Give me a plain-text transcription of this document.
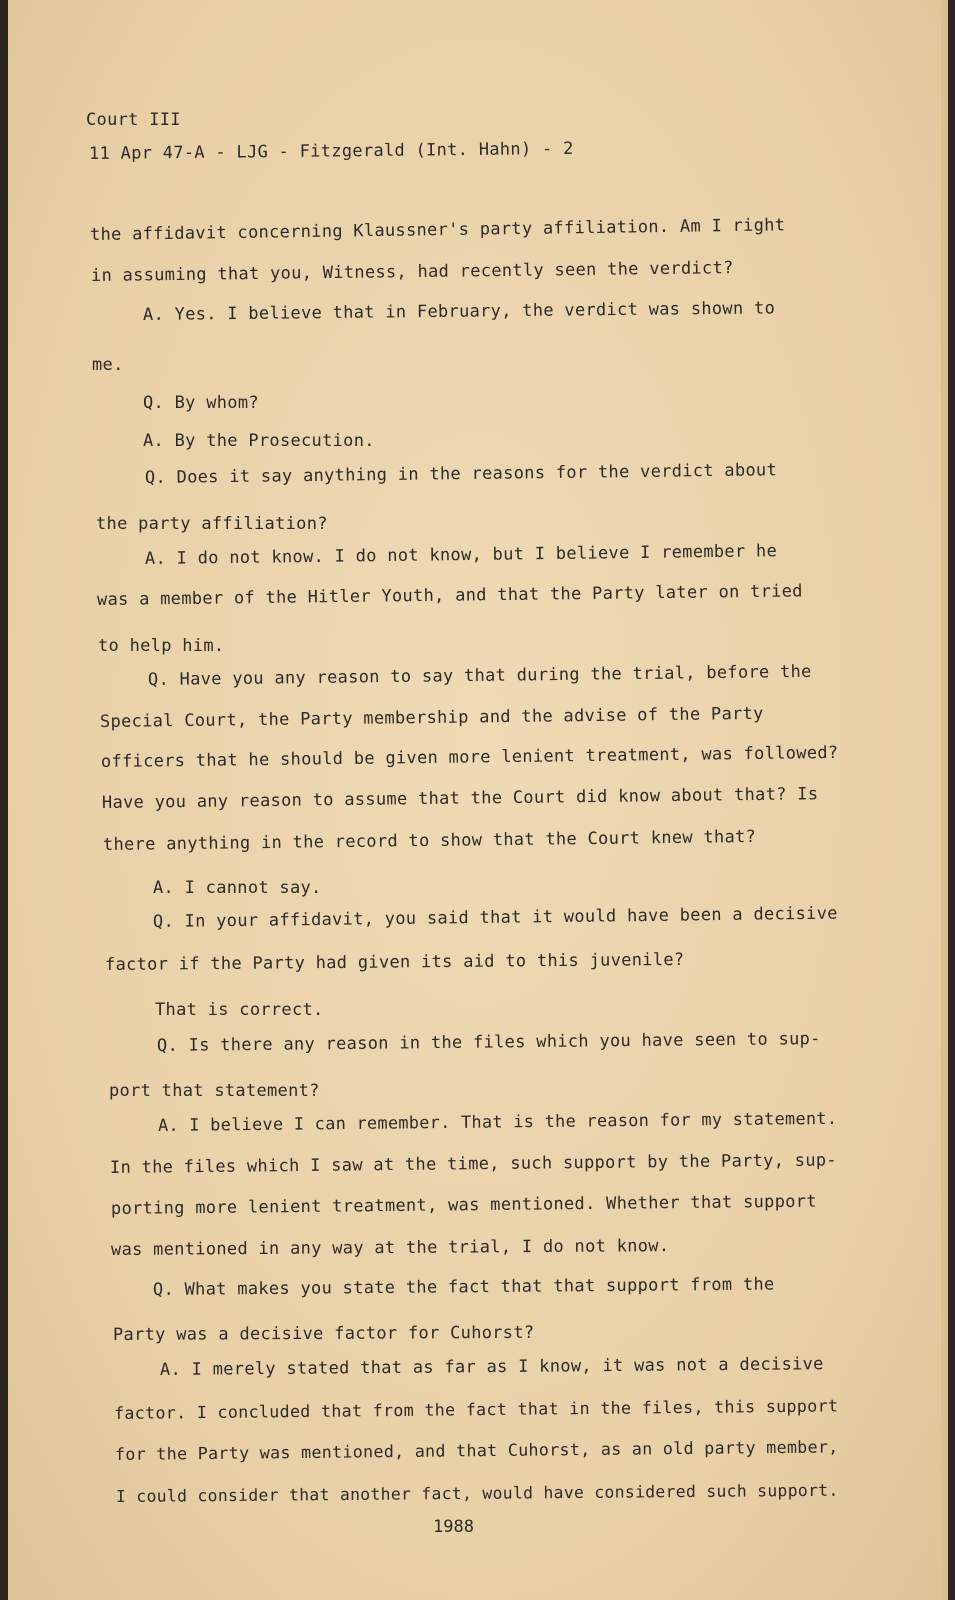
Court III
11 Apr 47-A - LJG - Fitzgerald (Int. Hahn) - 2
the affidavit concerning Klaussner's party affiliation. Am I right
in assuming that you, Witness, had recently seen the verdict?
A. Yes. I believe that in February, the verdict was shown to
me.
Q. By whom?
A. By the Prosecution.
Q. Does it say anything in the reasons for the verdict about
the party affiliation?
A. I do not know. I do not know, but I believe I remember he
was a member of the Hitler Youth, and that the Party later on tried
to help him.
Q. Have you any reason to say that during the trial, before the
Special Court, the Party membership and the advise of the Party
officers that he should be given more lenient treatment, was followed?
Have you any reason to assume that the Court did know about that? Is
there anything in the record to show that the Court knew that?
A. I cannot say.
Q. In your affidavit, you said that it would have been a decisive
factor if the Party had given its aid to this juvenile?
That is correct.
Q. Is there any reason in the files which you have seen to sup-
port that statement?
A. I believe I can remember. That is the reason for my statement.
In the files which I saw at the time, such support by the Party, sup-
porting more lenient treatment, was mentioned. Whether that support
was mentioned in any way at the trial, I do not know.
Q. What makes you state the fact that that support from the
Party was a decisive factor for Cuhorst?
A. I merely stated that as far as I know, it was not a decisive
factor. I concluded that from the fact that in the files, this support
for the Party was mentioned, and that Cuhorst, as an old party member,
I could consider that another fact, would have considered such support.
1988
